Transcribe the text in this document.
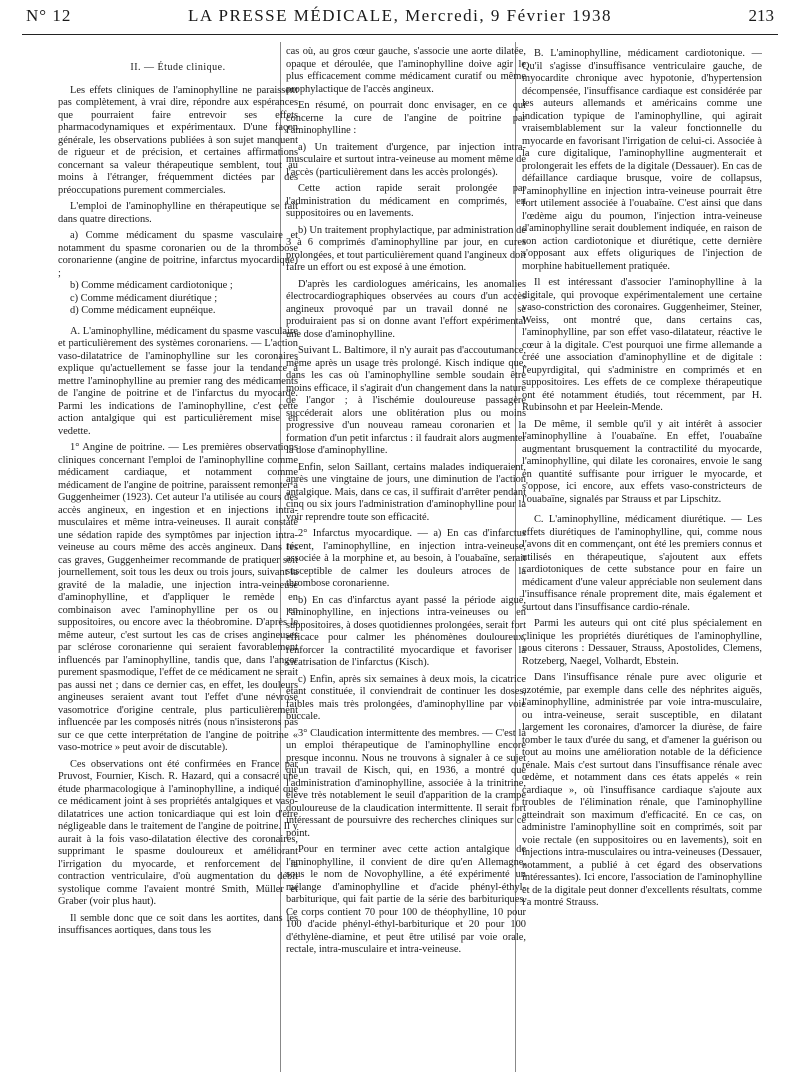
N° 12	LA PRESSE MÉDICALE, Mercredi, 9 Février 1938	213

II. — Étude clinique.

Les effets cliniques de l'aminophylline ne paraissent pas complètement, à vrai dire, répondre aux espérances que pourraient faire entrevoir ses effets pharmacodynamiques et expérimentaux. D'une façon générale, les observations publiées à son sujet manquent de rigueur et de précision, et certaines affirmations concernant sa valeur thérapeutique semblent, tout au moins à l'étranger, fréquemment dictées par des préoccupations purement commerciales.

L'emploi de l'aminophylline en thérapeutique se fait dans quatre directions.

a) Comme médicament du spasme vasculaire et notamment du spasme coronarien ou de la thrombose coronarienne (angine de poitrine, infarctus myocardique) ;

b) Comme médicament cardiotonique ;

c) Comme médicament diurétique ;

d) Comme médicament eupnéique.

A. L'aminophylline, médicament du spasme vasculaire et particulièrement des systèmes coronariens. — L'action vaso-dilatatrice de l'aminophylline sur les coronaires explique qu'actuellement se fasse jour la tendance à mettre l'aminophylline au premier rang des médicaments de l'angine de poitrine et de l'infarctus du myocarde. Parmi les indications de l'aminophylline, c'est cette action antalgique qui est particulièrement mise en vedette.

1° Angine de poitrine. — Les premières observations cliniques concernant l'emploi de l'aminophylline comme médicament cardiaque, et notamment comme médicament de l'angine de poitrine, paraissent remonter à Guggenheimer (1923). Cet auteur l'a utilisée au cours des accès angineux, en ingestion et en injections intra-musculaires et même intra-veineuses. Il aurait constaté une sédation rapide des symptômes par injection intra-veineuse au cours même des accès angineux. Dans les cas graves, Guggenheimer recommande de pratiquer soit journellement, soit tous les deux ou trois jours, suivant la gravité de la maladie, une injection intra-veineuse d'aminophylline, et d'appliquer le remède en combinaison avec l'aminophylline per os ou en suppositoires, ou encore avec la théobromine. D'après le même auteur, c'est surtout les cas de crises angineuses par sclérose coronarienne qui seraient favorablement influencés par l'aminophylline, tandis que, dans l'angor purement spasmodique, l'effet de ce médicament ne serait pas aussi net ; dans ce dernier cas, en effet, les douleurs angineuses seraient avant tout l'effet d'une névrose vasomotrice d'origine centrale, plus particulièrement influencée par les composés nitrés (nous n'insisterons pas sur ce que cette interprétation de l'angine de poitrine « vaso-motrice » peut avoir de discutable).

Ces observations ont été confirmées en France par Pruvost, Fournier, Kisch. R. Hazard, qui a consacré une étude pharmacologique à l'aminophylline, a indiqué que ce médicament joint à ses propriétés antalgiques et vaso-dilatatrices une action tonicardiaque qui est loin d'être négligeable dans le traitement de l'angine de poitrine. Il y aurait à la fois vaso-dilatation élective des coronaires, supprimant le spasme douloureux et améliorant l'irrigation du myocarde, et renforcement de la contraction ventriculaire, d'où augmentation du débit systolique comme l'avaient montré Smith, Müller et Graber (voir plus haut).

Il semble donc que ce soit dans les aortites, dans les insuffisances aortiques, dans tous les

cas où, au gros cœur gauche, s'associe une aorte dilatée, opaque et déroulée, que l'aminophylline doive agir le plus efficacement comme médicament curatif ou même prophylactique de l'accès angineux.

En résumé, on pourrait donc envisager, en ce qui concerne la cure de l'angine de poitrine par l'aminophylline :

a) Un traitement d'urgence, par injection intra-musculaire et surtout intra-veineuse au moment même de l'accès (particulièrement dans les accès prolongés).

Cette action rapide serait prolongée par l'administration du médicament en comprimés, en suppositoires ou en lavements.

b) Un traitement prophylactique, par administration de 3 à 6 comprimés d'aminophylline par jour, en cures prolongées, et tout particulièrement quand l'angineux doit faire un effort ou est exposé à une émotion.

D'après les cardiologues américains, les anomalies électrocardiographiques observées au cours d'un accès angineux provoqué par un travail donné ne se produiraient pas si on donne avant l'effort expérimental une dose d'aminophylline.

Suivant L. Baltimore, il n'y aurait pas d'accoutumance, même après un usage très prolongé. Kisch indique que, dans les cas où l'aminophylline semble soudain être moins efficace, il s'agirait d'un changement dans la nature de l'angor ; à l'ischémie douloureuse passagère succéderait alors une oblitération plus ou moins progressive d'un nouveau rameau coronarien et la formation d'un petit infarctus : il faudrait alors augmenter la dose d'aminophylline.

Enfin, selon Saillant, certains malades indiqueraient, après une vingtaine de jours, une diminution de l'action antalgique. Mais, dans ce cas, il suffirait d'arrêter pendant cinq ou six jours l'administration d'aminophylline pour la voir reprendre toute son efficacité.

2° Infarctus myocardique. — a) En cas d'infarctus récent, l'aminophylline, en injection intra-veineuse, associée à la morphine et, au besoin, à l'ouabaïne, serait susceptible de calmer les douleurs atroces de la thrombose coronarienne.

b) En cas d'infarctus ayant passé la période aiguë, l'aminophylline, en injections intra-veineuses ou en suppositoires, à doses quotidiennes prolongées, serait fort efficace pour calmer les phénomènes douloureux, renforcer la contractilité myocardique et favoriser la cicatrisation de l'infarctus (Kisch).

c) Enfin, après six semaines à deux mois, la cicatrice étant constituée, il conviendrait de continuer les doses, faibles mais très prolongées, d'aminophylline par voie buccale.

3° Claudication intermittente des membres. — C'est là un emploi thérapeutique de l'aminophylline encore presque inconnu. Nous ne trouvons à signaler à ce sujet qu'un travail de Kisch, qui, en 1936, a montré que l'administration d'aminophylline, associée à la trinitrine, élève très notablement le seuil d'apparition de la crampe douloureuse de la claudication intermittente. Il serait fort intéressant de poursuivre des recherches cliniques sur ce point.

Pour en terminer avec cette action antalgique de l'aminophylline, il convient de dire qu'en Allemagne, sous le nom de Novophylline, a été expérimenté un mélange d'aminophylline et d'acide phényl-éthyl-barbiturique, qui fait partie de la série des barbituriques. Ce corps contient 70 pour 100 de théophylline, 10 pour 100 d'acide phényl-éthyl-barbiturique et 20 pour 100 d'éthylène-diamine, et peut être utilisé par voie orale, rectale, intra-musculaire et intra-veineuse.

B. L'aminophylline, médicament cardiotonique. — Qu'il s'agisse d'insuffisance ventriculaire gauche, de myocardite chronique avec hypotonie, d'hypertension décompensée, l'insuffisance cardiaque est considérée par les auteurs allemands et américains comme une indication typique de l'aminophylline, qui agirait vraisemblablement sur la valeur fonctionnelle du myocarde en favorisant l'irrigation de celui-ci. Associée à la cure digitalique, l'aminophylline augmenterait et prolongerait les effets de la digitale (Dessauer). En cas de défaillance cardiaque brusque, voire de collapsus, l'aminophylline en injection intra-veineuse pourrait être fort utilement associée à l'ouabaïne. C'est ainsi que dans l'œdème aigu du poumon, l'injection intra-veineuse d'aminophylline serait doublement indiquée, en raison de son action cardiotonique et diurétique, cette dernière s'opposant aux effets oliguriques de l'injection de morphine habituellement pratiquée.

Il est intéressant d'associer l'aminophylline à la digitale, qui provoque expérimentalement une certaine vaso-constriction des coronaires. Guggenheimer, Steiner, Weiss, ont montré que, dans certains cas, l'aminophylline, par son effet vaso-dilatateur, réactive le cœur à la digitale. C'est pourquoi une firme allemande a créé une association d'aminophylline et de digitale : l'eupyrdigital, qui s'administre en comprimés et en suppositoires. Les effets de ce complexe thérapeutique ont été notamment étudiés, tout récemment, par H. Rubinsohn et par Heelein-Mende.

De même, il semble qu'il y ait intérêt à associer l'aminophylline à l'ouabaïne. En effet, l'ouabaïne augmentant brusquement la contractilité du myocarde, l'aminophylline, qui dilate les coronaires, envoie le sang en quantité suffisante pour irriguer le myocarde, et s'oppose, ici encore, aux effets vaso-constricteurs de l'ouabaïne, signalés par Strauss et par Lipschitz.

C. L'aminophylline, médicament diurétique. — Les effets diurétiques de l'aminophylline, qui, comme nous l'avons dit en commençant, ont été les premiers connus et utilisés en thérapeutique, s'ajoutent aux effets cardiotoniques de cette substance pour en faire un médicament d'une valeur appréciable non seulement dans l'insuffisance rénale proprement dite, mais également et surtout dans l'insuffisance cardio-rénale.

Parmi les auteurs qui ont cité plus spécialement en clinique les propriétés diurétiques de l'aminophylline, nous citerons : Dessauer, Strauss, Apostolides, Clemens, Rotzeberg, Naegel, Volhardt, Ebstein.

Dans l'insuffisance rénale pure avec oligurie et azotémie, par exemple dans celle des néphrites aiguës, l'aminophylline, administrée par voie intra-musculaire, ou intra-veineuse, serait susceptible, en dilatant largement les coronaires, d'amorcer la diurèse, de faire tomber le taux d'urée du sang, et d'amener la guérison ou tout au moins une amélioration notable de la déficience rénale. Mais c'est surtout dans l'insuffisance rénale avec œdème, et notamment dans ces états appelés « rein cardiaque », où l'insuffisance cardiaque s'ajoute aux troubles de l'élimination rénale, que l'aminophylline atteindrait son maximum d'efficacité. En ce cas, on administre l'aminophylline soit en comprimés, soit par voie rectale (en suppositoires ou en lavements), soit en injections intra-musculaires ou intra-veineuses (Dessauer, notamment, a publié à cet égard des observations intéressantes). Ici encore, l'association de l'aminophylline et de la digitale peut donner d'excellents résultats, comme l'a montré Strauss.
